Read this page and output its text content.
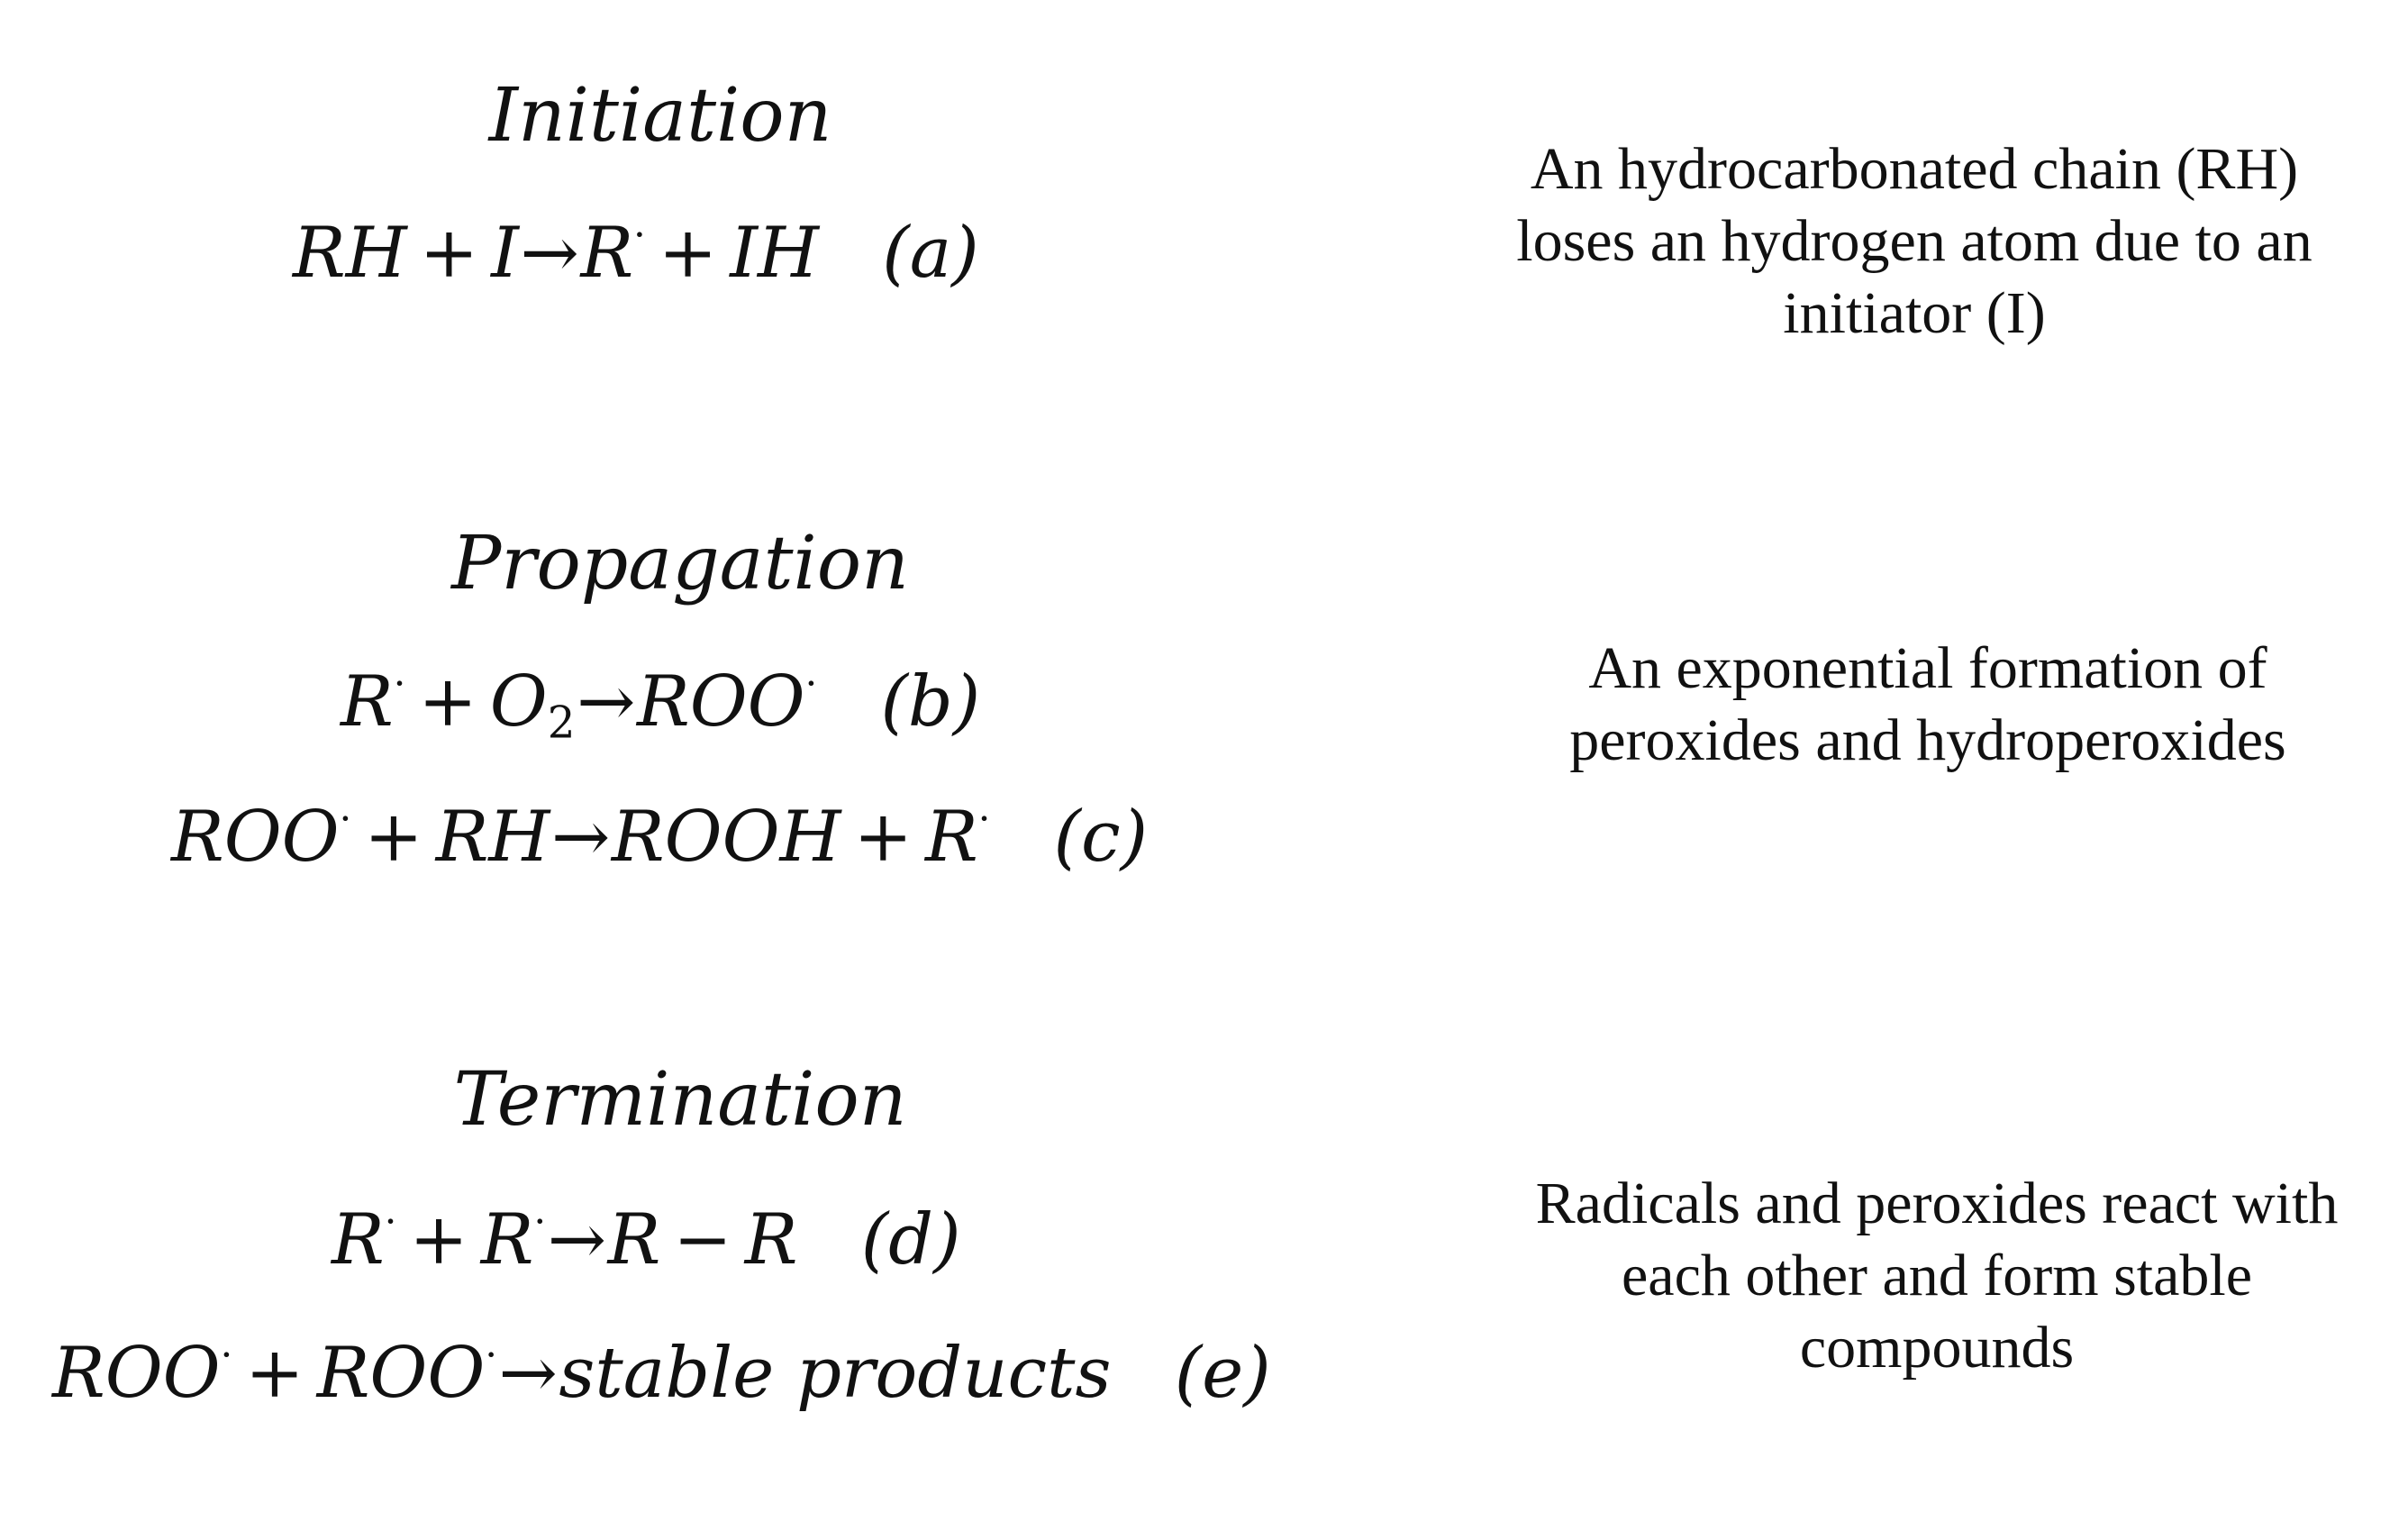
Initiation
RH + I→R· + IH (a)
An hydrocarbonated chain (RH) loses an hydrogen atom due to an initiator (I)
Propagation
$R^\cdot + O_2\to ROO^\cdot$ (b)
ROO· + RH→ROOH + R· (c)
An exponential formation of peroxides and hydroperoxides
Termination
R· + R·→R − R (d)
ROO· + ROO·→stable products (e)
Radicals and peroxides react with each other and form stable compounds
